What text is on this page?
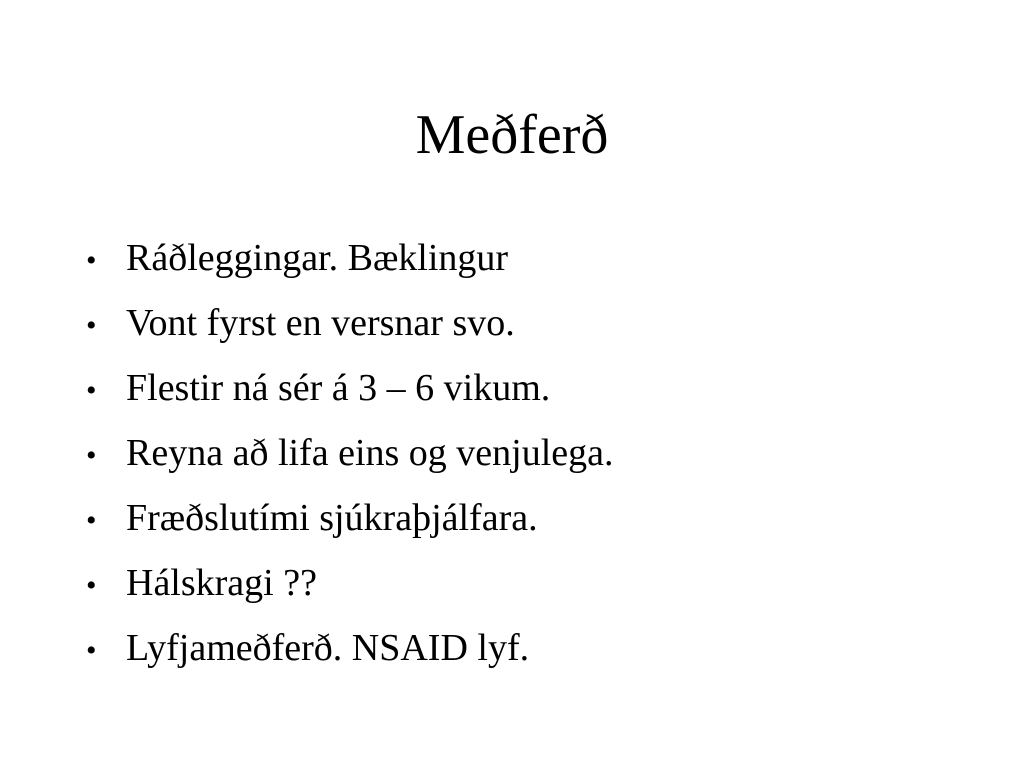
Meðferð
• Ráðleggingar. Bæklingur
• Vont fyrst en versnar svo.
• Flestir ná sér á 3 – 6 vikum.
• Reyna að lifa eins og venjulega.
• Fræðslutími sjúkraþjálfara.
• Hálskragi ??
• Lyfjameðferð. NSAID lyf.
